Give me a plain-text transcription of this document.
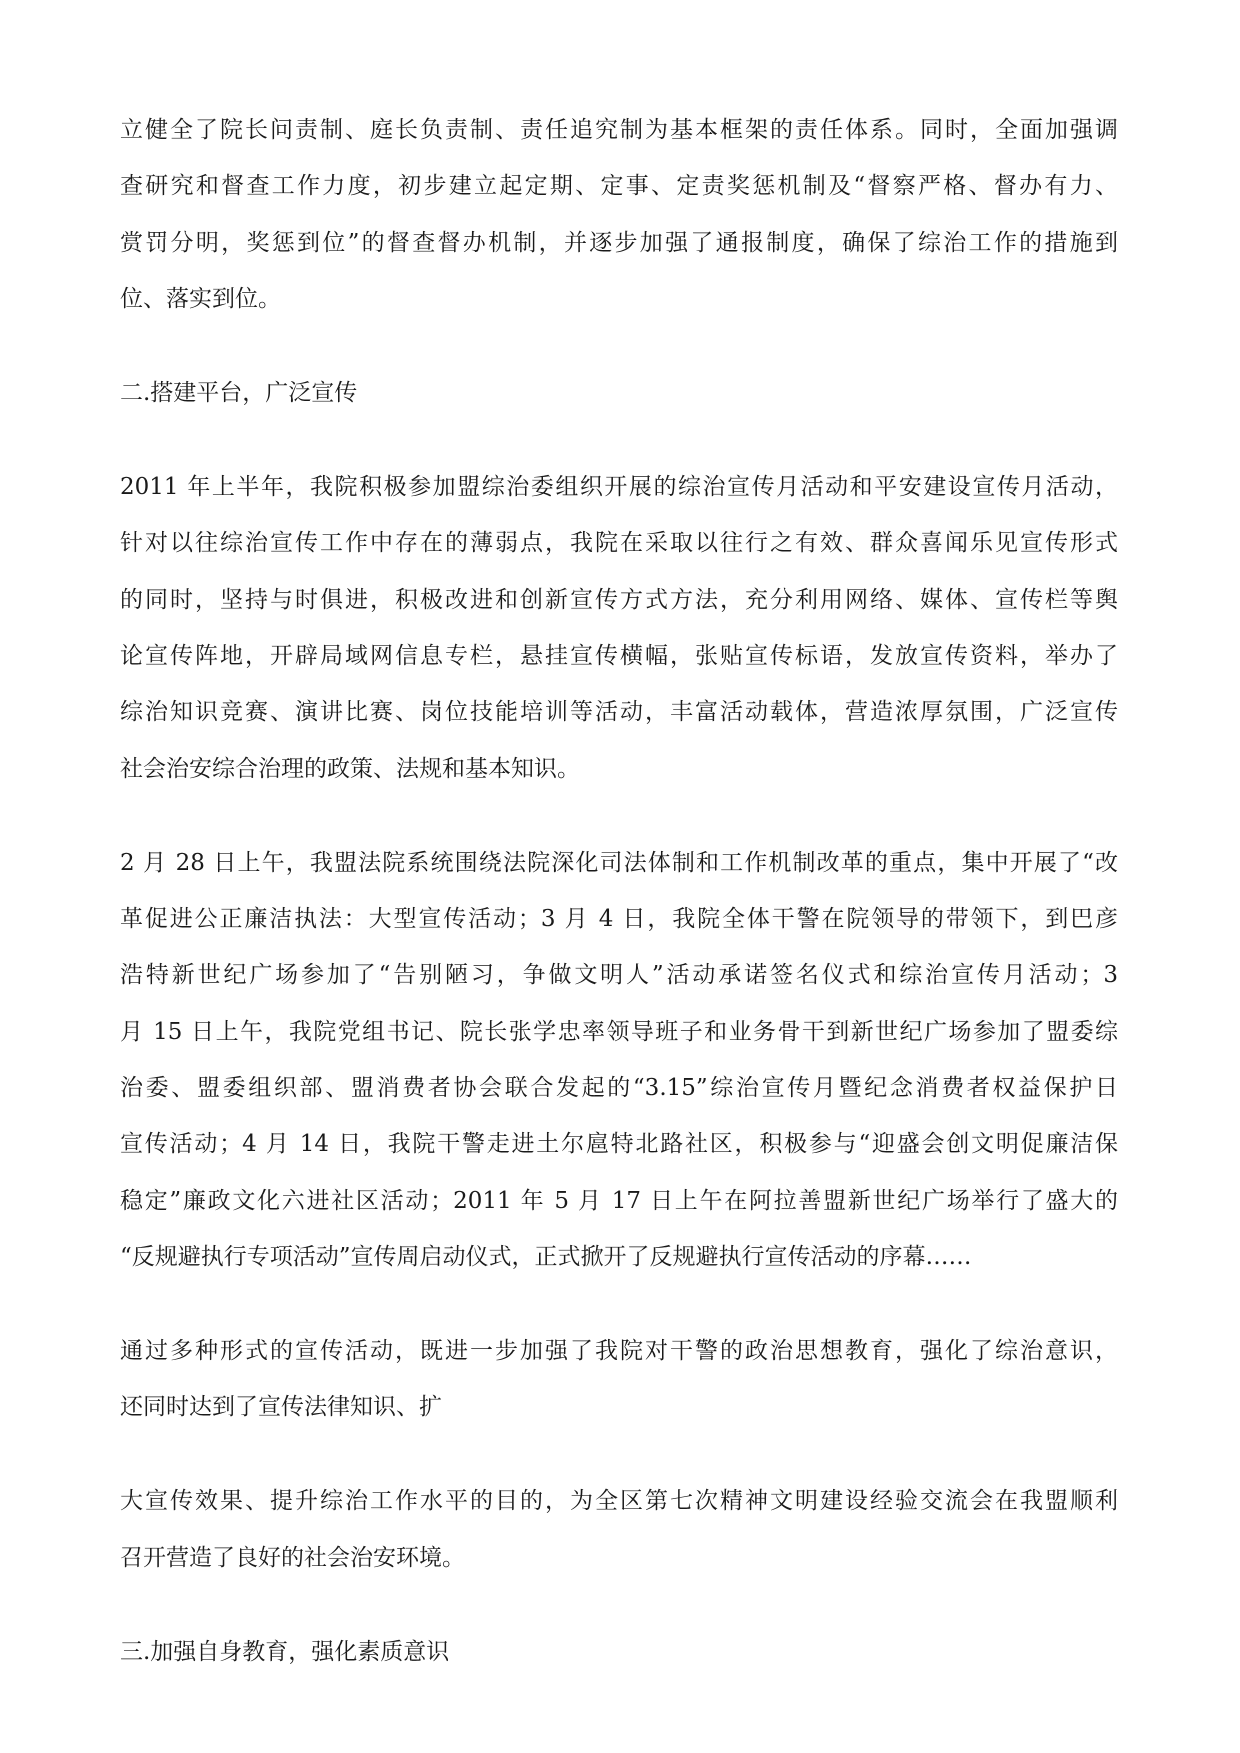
立健全了院长问责制、庭长负责制、责任追究制为基本框架的责任体系。同时，全面加强调

查研究和督查工作力度，初步建立起定期、定事、定责奖惩机制及“督察严格、督办有力、

赏罚分明，奖惩到位”的督查督办机制，并逐步加强了通报制度，确保了综治工作的措施到

位、落实到位。

二.搭建平台，广泛宣传

2011 年上半年，我院积极参加盟综治委组织开展的综治宣传月活动和平安建设宣传月活动，

针对以往综治宣传工作中存在的薄弱点，我院在采取以往行之有效、群众喜闻乐见宣传形式

的同时，坚持与时俱进，积极改进和创新宣传方式方法，充分利用网络、媒体、宣传栏等舆

论宣传阵地，开辟局域网信息专栏，悬挂宣传横幅，张贴宣传标语，发放宣传资料，举办了

综治知识竞赛、演讲比赛、岗位技能培训等活动，丰富活动载体，营造浓厚氛围，广泛宣传

社会治安综合治理的政策、法规和基本知识。

2 月 28 日上午，我盟法院系统围绕法院深化司法体制和工作机制改革的重点，集中开展了“改

革促进公正廉洁执法：大型宣传活动；3 月 4 日，我院全体干警在院领导的带领下，到巴彦

浩特新世纪广场参加了“告别陋习，争做文明人”活动承诺签名仪式和综治宣传月活动；3

月 15 日上午，我院党组书记、院长张学忠率领导班子和业务骨干到新世纪广场参加了盟委综

治委、盟委组织部、盟消费者协会联合发起的“3.15”综治宣传月暨纪念消费者权益保护日

宣传活动；4 月 14 日，我院干警走进土尔扈特北路社区，积极参与“迎盛会创文明促廉洁保

稳定”廉政文化六进社区活动；2011 年 5 月 17 日上午在阿拉善盟新世纪广场举行了盛大的

“反规避执行专项活动”宣传周启动仪式，正式掀开了反规避执行宣传活动的序幕……

通过多种形式的宣传活动，既进一步加强了我院对干警的政治思想教育，强化了综治意识，

还同时达到了宣传法律知识、扩

大宣传效果、提升综治工作水平的目的，为全区第七次精神文明建设经验交流会在我盟顺利

召开营造了良好的社会治安环境。

三.加强自身教育，强化素质意识
